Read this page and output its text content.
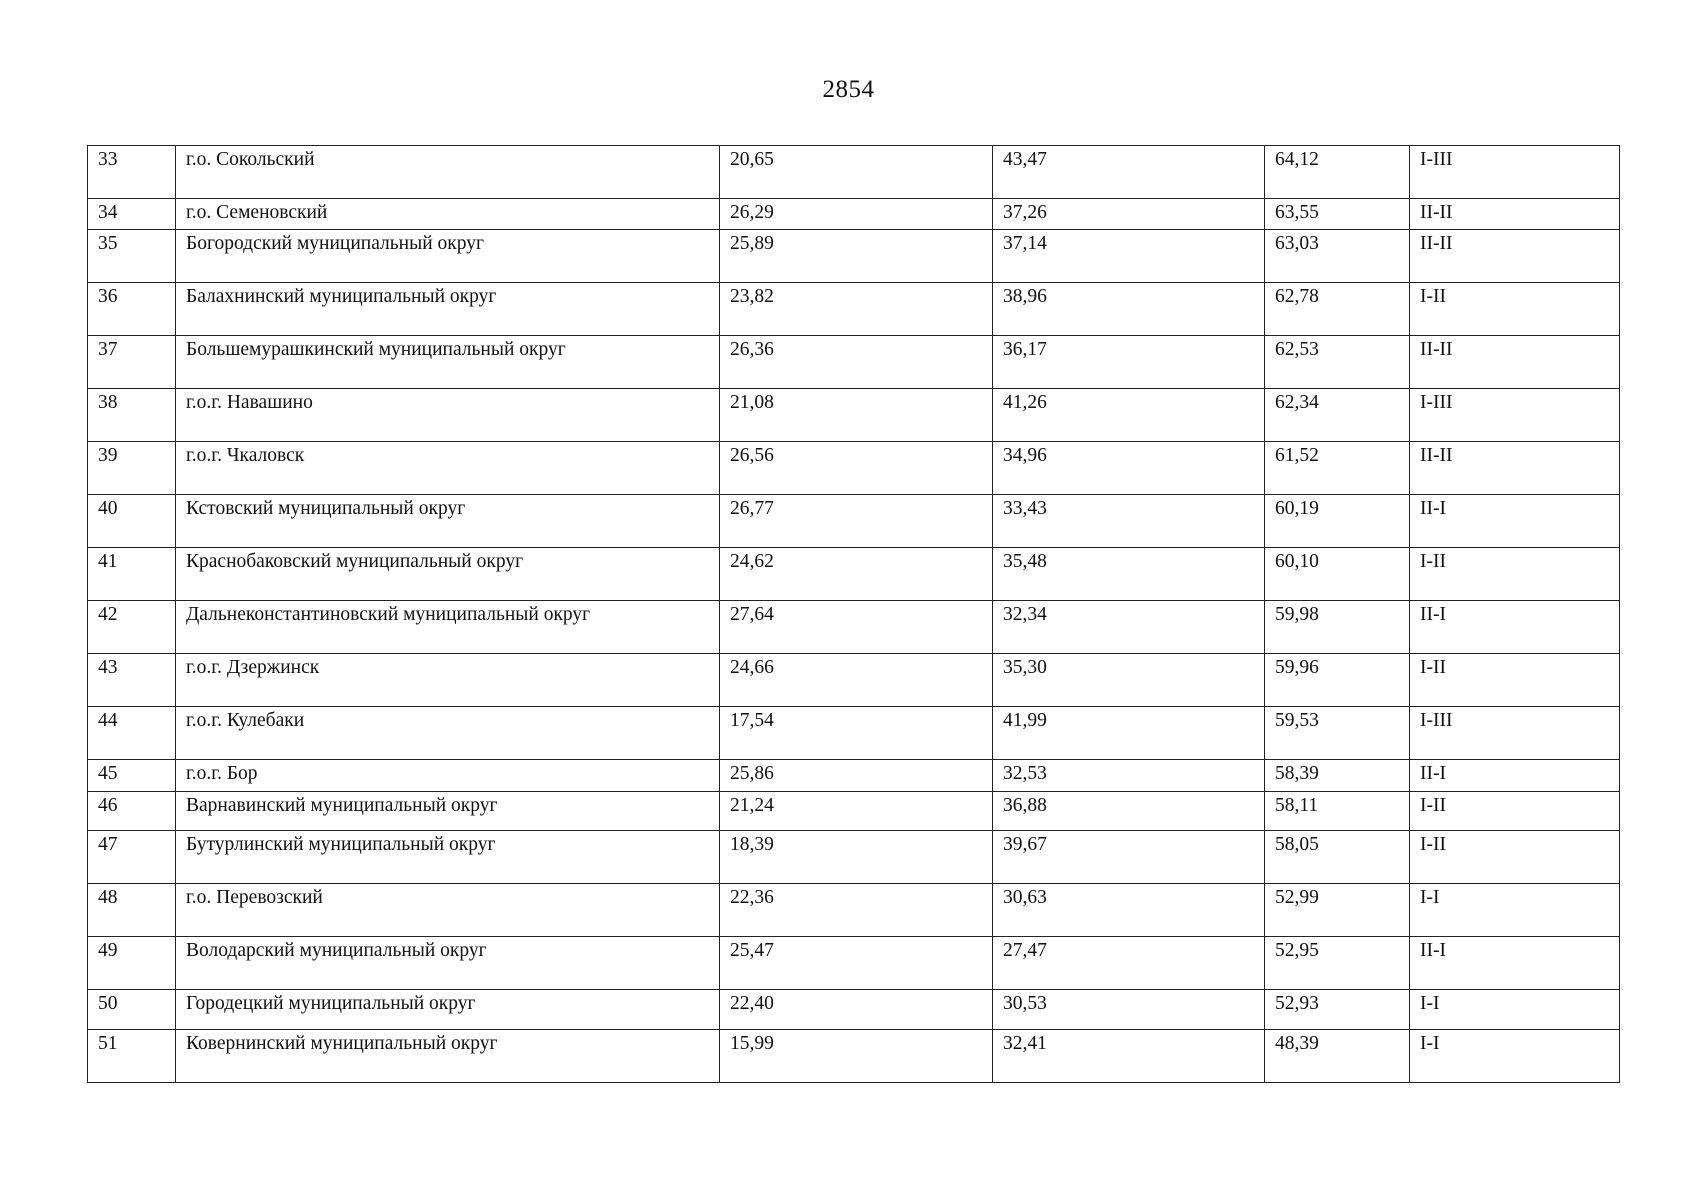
2854
33	г.о. Сокольский	20,65	43,47	64,12	I-III
34	г.о. Семеновский	26,29	37,26	63,55	II-II
35	Богородский муниципальный округ	25,89	37,14	63,03	II-II
36	Балахнинский муниципальный округ	23,82	38,96	62,78	I-II
37	Большемурашкинский муниципальный округ	26,36	36,17	62,53	II-II
38	г.о.г. Навашино	21,08	41,26	62,34	I-III
39	г.о.г. Чкаловск	26,56	34,96	61,52	II-II
40	Кстовский муниципальный округ	26,77	33,43	60,19	II-I
41	Краснобаковский муниципальный округ	24,62	35,48	60,10	I-II
42	Дальнеконстантиновский муниципальный округ	27,64	32,34	59,98	II-I
43	г.о.г. Дзержинск	24,66	35,30	59,96	I-II
44	г.о.г. Кулебаки	17,54	41,99	59,53	I-III
45	г.о.г. Бор	25,86	32,53	58,39	II-I
46	Варнавинский муниципальный округ	21,24	36,88	58,11	I-II
47	Бутурлинский муниципальный округ	18,39	39,67	58,05	I-II
48	г.о. Перевозский	22,36	30,63	52,99	I-I
49	Володарский муниципальный округ	25,47	27,47	52,95	II-I
50	Городецкий муниципальный округ	22,40	30,53	52,93	I-I
51	Ковернинский муниципальный округ	15,99	32,41	48,39	I-I
